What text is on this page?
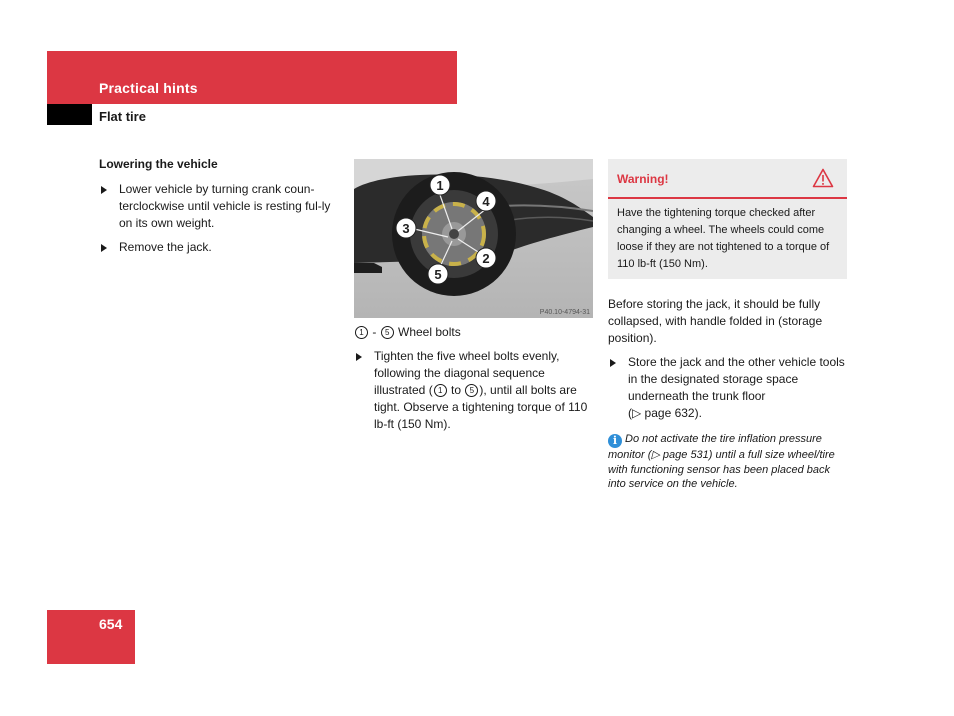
Practical hints
Flat tire
Lowering the vehicle
Lower vehicle by turning crank coun-terclockwise until vehicle is resting ful-ly on its own weight.
Remove the jack.
1
4
3
2
5
P40.10-4794-31
1 - 5 Wheel bolts
Tighten the five wheel bolts evenly, following the diagonal sequence illustrated ( 1 to 5 ), until all bolts are tight. Observe a tightening torque of 110 lb-ft (150 Nm).
Warning!
Have the tightening torque checked after changing a wheel. The wheels could come loose if they are not tightened to a torque of 110 lb-ft (150 Nm).
Before storing the jack, it should be fully collapsed, with handle folded in (storage position).
Store the jack and the other vehicle tools in the designated storage space underneath the trunk floor
(▷ page 632).
i Do not activate the tire inflation pressure monitor (▷ page 531) until a full size wheel/tire with functioning sensor has been placed back into service on the vehicle.
654
